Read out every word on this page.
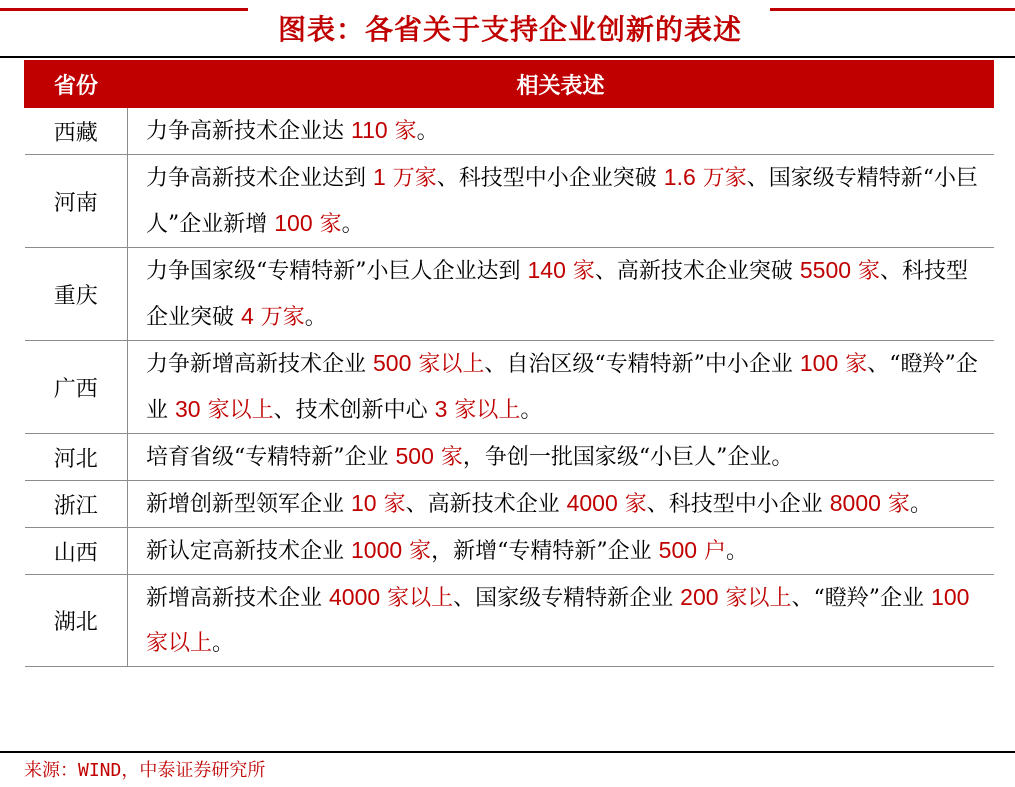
图表：各省关于支持企业创新的表述
省份	相关表述
西藏	力争高新技术企业达 110 家。
河南	力争高新技术企业达到 1 万家、科技型中小企业突破 1.6 万家、国家级专精特新“小巨人”企业新增 100 家。
重庆	力争国家级“专精特新”小巨人企业达到 140 家、高新技术企业突破 5500 家、科技型企业突破 4 万家。
广西	力争新增高新技术企业 500 家以上、自治区级“专精特新”中小企业 100 家、“瞪羚”企业 30 家以上、技术创新中心 3 家以上。
河北	培育省级“专精特新”企业 500 家，争创一批国家级“小巨人”企业。
浙江	新增创新型领军企业 10 家、高新技术企业 4000 家、科技型中小企业 8000 家。
山西	新认定高新技术企业 1000 家，新增“专精特新”企业 500 户。
湖北	新增高新技术企业 4000 家以上、国家级专精特新企业 200 家以上、“瞪羚”企业 100 家以上。
来源：WIND，中泰证券研究所
